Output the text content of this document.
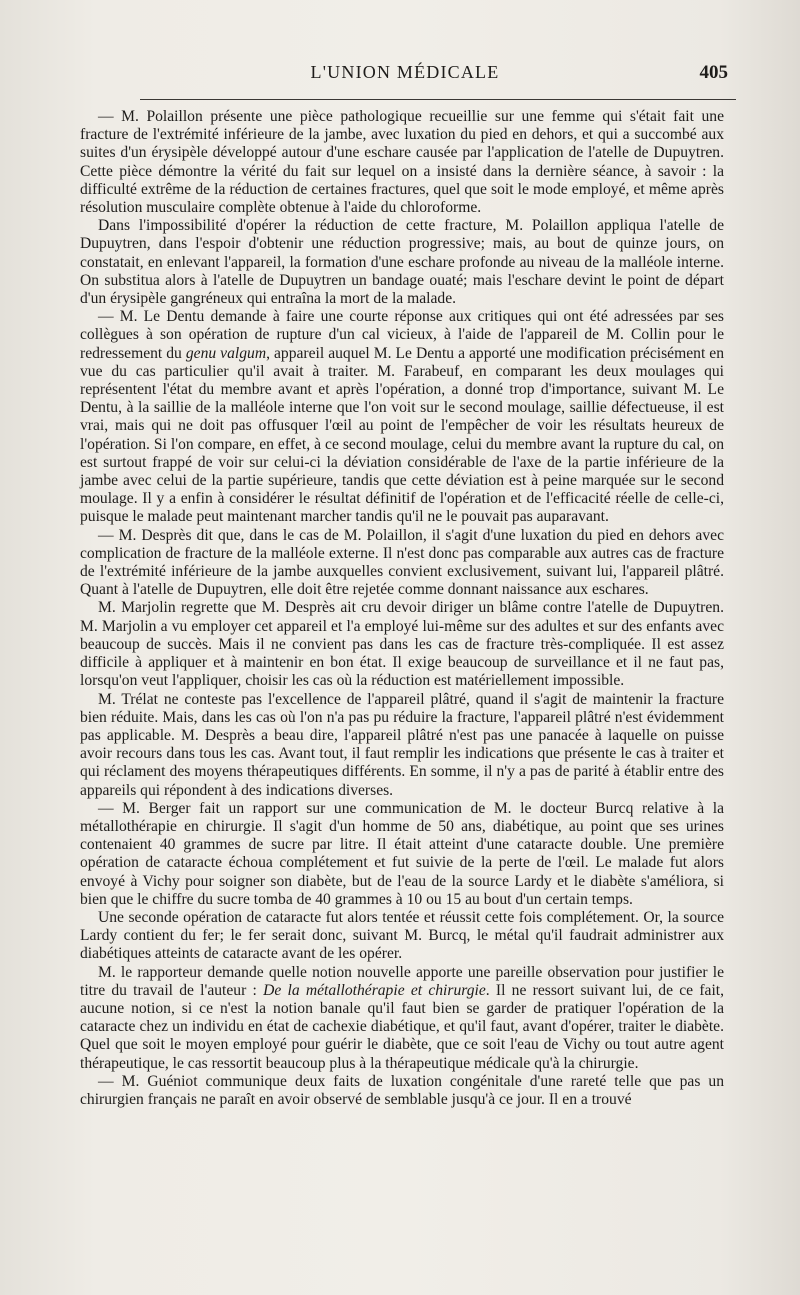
L'UNION MÉDICALE	405

— M. Polaillon présente une pièce pathologique recueillie sur une femme qui s'était fait une fracture de l'extrémité inférieure de la jambe, avec luxation du pied en dehors, et qui a succombé aux suites d'un érysipèle développé autour d'une eschare causée par l'application de l'atelle de Dupuytren. Cette pièce démontre la vérité du fait sur lequel on a insisté dans la dernière séance, à savoir : la difficulté extrême de la réduction de certaines fractures, quel que soit le mode employé, et même après résolution musculaire complète obtenue à l'aide du chloroforme.

Dans l'impossibilité d'opérer la réduction de cette fracture, M. Polaillon appliqua l'atelle de Dupuytren, dans l'espoir d'obtenir une réduction progressive; mais, au bout de quinze jours, on constatait, en enlevant l'appareil, la formation d'une eschare profonde au niveau de la malléole interne. On substitua alors à l'atelle de Dupuytren un bandage ouaté; mais l'eschare devint le point de départ d'un érysipèle gangréneux qui entraîna la mort de la malade.

— M. Le Dentu demande à faire une courte réponse aux critiques qui ont été adressées par ses collègues à son opération de rupture d'un cal vicieux, à l'aide de l'appareil de M. Collin pour le redressement du genu valgum, appareil auquel M. Le Dentu a apporté une modification précisément en vue du cas particulier qu'il avait à traiter. M. Farabeuf, en comparant les deux moulages qui représentent l'état du membre avant et après l'opération, a donné trop d'importance, suivant M. Le Dentu, à la saillie de la malléole interne que l'on voit sur le second moulage, saillie défectueuse, il est vrai, mais qui ne doit pas offusquer l'œil au point de l'empêcher de voir les résultats heureux de l'opération. Si l'on compare, en effet, à ce second moulage, celui du membre avant la rupture du cal, on est surtout frappé de voir sur celui-ci la déviation considérable de l'axe de la partie inférieure de la jambe avec celui de la partie supérieure, tandis que cette déviation est à peine marquée sur le second moulage. Il y a enfin à considérer le résultat définitif de l'opération et de l'efficacité réelle de celle-ci, puisque le malade peut maintenant marcher tandis qu'il ne le pouvait pas auparavant.

— M. Desprès dit que, dans le cas de M. Polaillon, il s'agit d'une luxation du pied en dehors avec complication de fracture de la malléole externe. Il n'est donc pas comparable aux autres cas de fracture de l'extrémité inférieure de la jambe auxquelles convient exclusivement, suivant lui, l'appareil plâtré. Quant à l'atelle de Dupuytren, elle doit être rejetée comme donnant naissance aux eschares.

M. Marjolin regrette que M. Desprès ait cru devoir diriger un blâme contre l'atelle de Dupuytren. M. Marjolin a vu employer cet appareil et l'a employé lui-même sur des adultes et sur des enfants avec beaucoup de succès. Mais il ne convient pas dans les cas de fracture très-compliquée. Il est assez difficile à appliquer et à maintenir en bon état. Il exige beaucoup de surveillance et il ne faut pas, lorsqu'on veut l'appliquer, choisir les cas où la réduction est matériellement impossible.

M. Trélat ne conteste pas l'excellence de l'appareil plâtré, quand il s'agit de maintenir la fracture bien réduite. Mais, dans les cas où l'on n'a pas pu réduire la fracture, l'appareil plâtré n'est évidemment pas applicable. M. Desprès a beau dire, l'appareil plâtré n'est pas une panacée à laquelle on puisse avoir recours dans tous les cas. Avant tout, il faut remplir les indications que présente le cas à traiter et qui réclament des moyens thérapeutiques différents. En somme, il n'y a pas de parité à établir entre des appareils qui répondent à des indications diverses.

— M. Berger fait un rapport sur une communication de M. le docteur Burcq relative à la métallothérapie en chirurgie. Il s'agit d'un homme de 50 ans, diabétique, au point que ses urines contenaient 40 grammes de sucre par litre. Il était atteint d'une cataracte double. Une première opération de cataracte échoua complétement et fut suivie de la perte de l'œil. Le malade fut alors envoyé à Vichy pour soigner son diabète, but de l'eau de la source Lardy et le diabète s'améliora, si bien que le chiffre du sucre tomba de 40 grammes à 10 ou 15 au bout d'un certain temps.

Une seconde opération de cataracte fut alors tentée et réussit cette fois complétement. Or, la source Lardy contient du fer; le fer serait donc, suivant M. Burcq, le métal qu'il faudrait administrer aux diabétiques atteints de cataracte avant de les opérer.

M. le rapporteur demande quelle notion nouvelle apporte une pareille observation pour justifier le titre du travail de l'auteur : De la métallothérapie et chirurgie. Il ne ressort suivant lui, de ce fait, aucune notion, si ce n'est la notion banale qu'il faut bien se garder de pratiquer l'opération de la cataracte chez un individu en état de cachexie diabétique, et qu'il faut, avant d'opérer, traiter le diabète. Quel que soit le moyen employé pour guérir le diabète, que ce soit l'eau de Vichy ou tout autre agent thérapeutique, le cas ressortit beaucoup plus à la thérapeutique médicale qu'à la chirurgie.

— M. Guéniot communique deux faits de luxation congénitale d'une rareté telle que pas un chirurgien français ne paraît en avoir observé de semblable jusqu'à ce jour. Il en a trouvé
